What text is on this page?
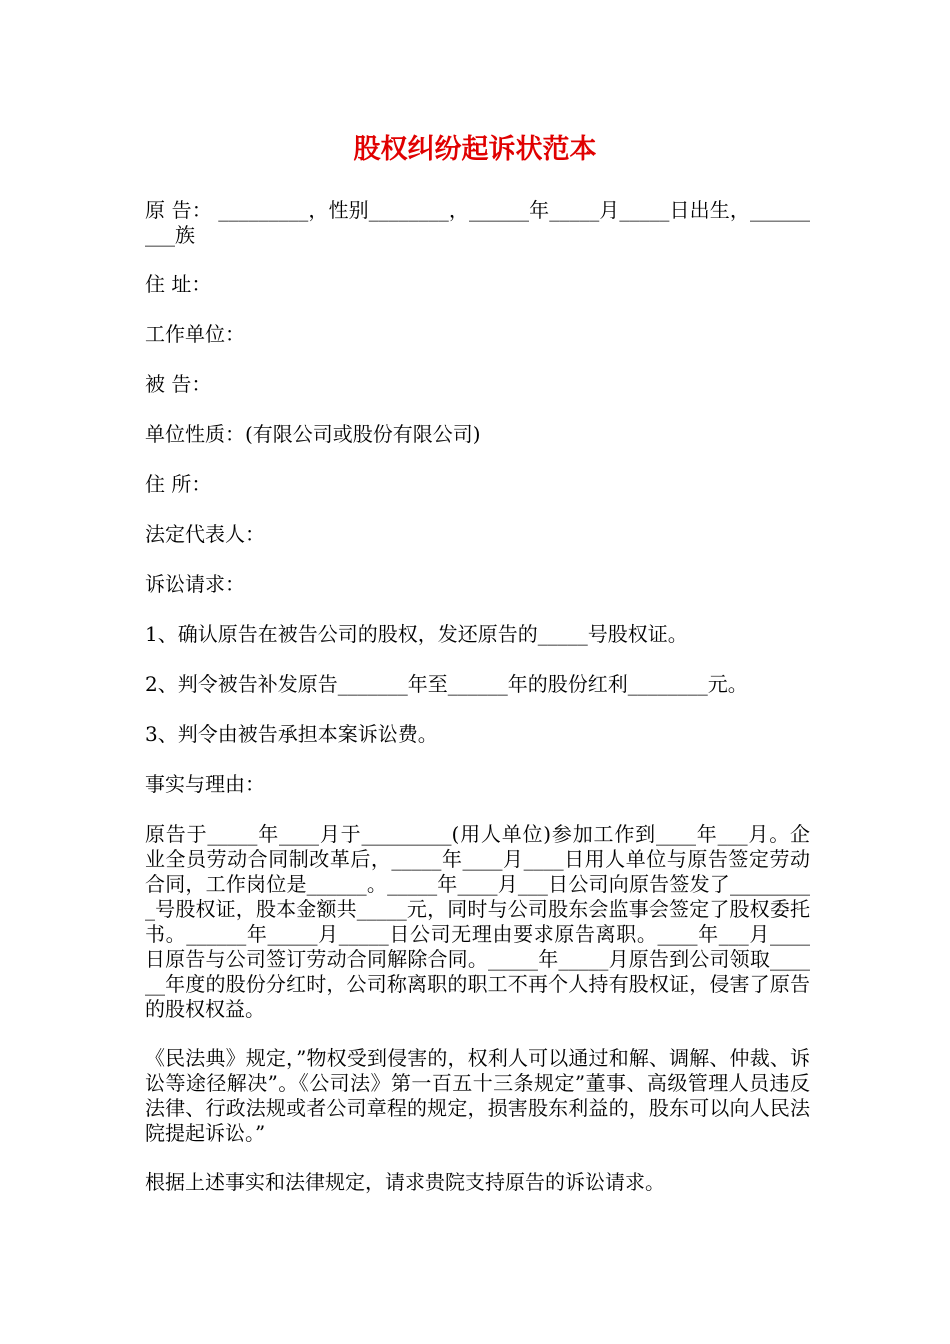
股权纠纷起诉状范本

原 告： _________，性别________，______年_____月_____日出生，_________族

住 址：

工作单位：

被 告：

单位性质：(有限公司或股份有限公司)

住 所：

法定代表人：

诉讼请求：

1、确认原告在被告公司的股权，发还原告的_____号股权证。

2、判令被告补发原告_______年至______年的股份红利________元。

3、判令由被告承担本案诉讼费。

事实与理由：

原告于_____年____月于_________(用人单位)参加工作到____年___月。企业全员劳动合同制改革后，_____年____月____日用人单位与原告签定劳动合同，工作岗位是______。_____年____月___日公司向原告签发了_________号股权证，股本金额共_____元，同时与公司股东会监事会签定了股权委托书。______年_____月_____日公司无理由要求原告离职。____年___月____日原告与公司签订劳动合同解除合同。_____年_____月原告到公司领取______年度的股份分红时，公司称离职的职工不再个人持有股权证，侵害了原告的股权权益。

《民法典》规定，”物权受到侵害的，权利人可以通过和解、调解、仲裁、诉讼等途径解决”。《公司法》第一百五十三条规定”董事、高级管理人员违反法律、行政法规或者公司章程的规定，损害股东利益的，股东可以向人民法院提起诉讼。”

根据上述事实和法律规定，请求贵院支持原告的诉讼请求。
